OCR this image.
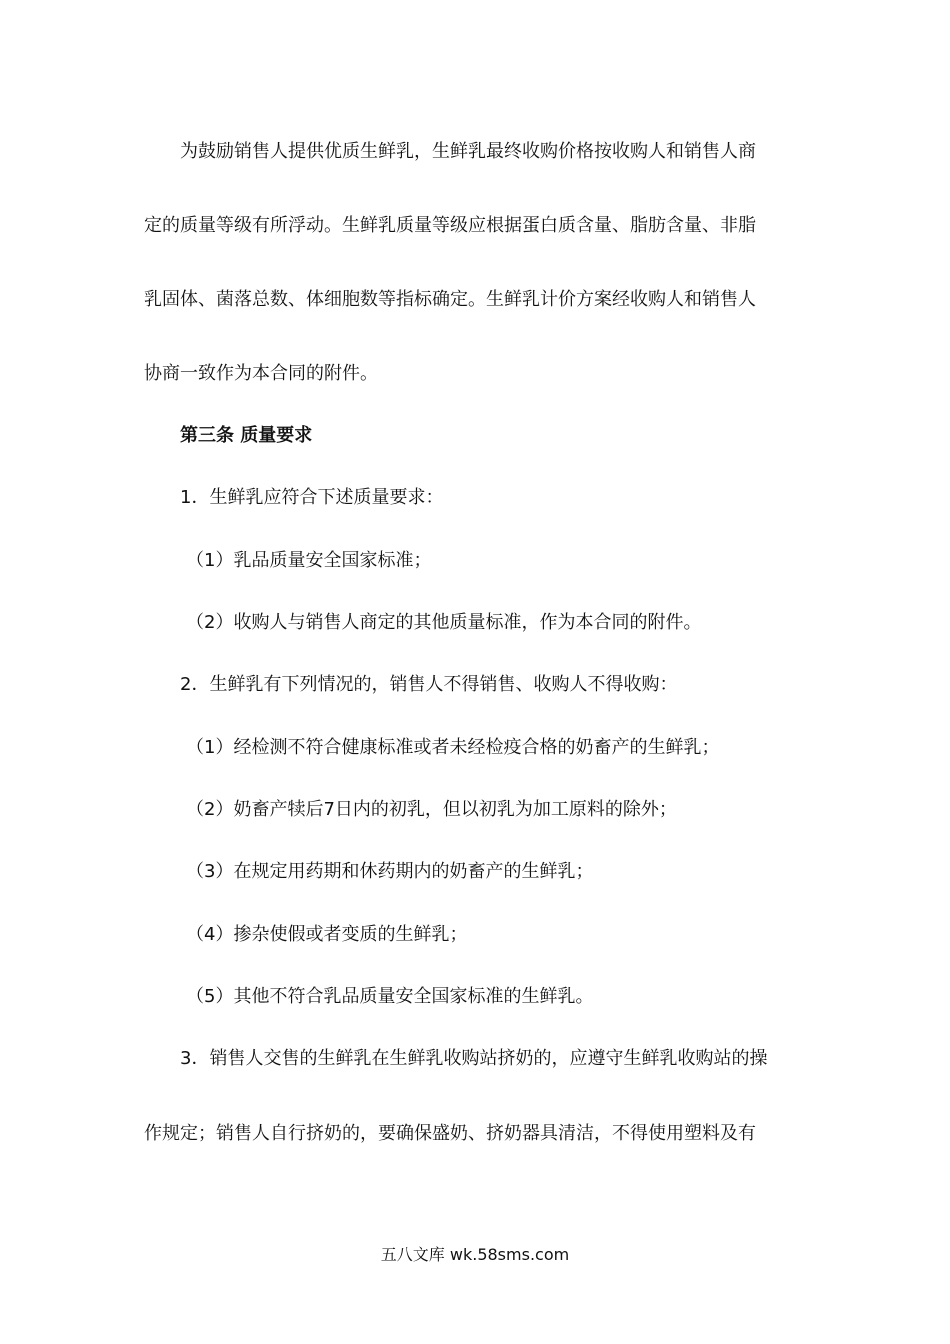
为鼓励销售人提供优质生鲜乳，生鲜乳最终收购价格按收购人和销售人商
定的质量等级有所浮动。生鲜乳质量等级应根据蛋白质含量、脂肪含量、非脂
乳固体、菌落总数、体细胞数等指标确定。生鲜乳计价方案经收购人和销售人
协商一致作为本合同的附件。
第三条 质量要求
1．生鲜乳应符合下述质量要求：
（1）乳品质量安全国家标准；
（2）收购人与销售人商定的其他质量标准，作为本合同的附件。
2．生鲜乳有下列情况的，销售人不得销售、收购人不得收购：
（1）经检测不符合健康标准或者未经检疫合格的奶畜产的生鲜乳；
（2）奶畜产犊后7日内的初乳，但以初乳为加工原料的除外；
（3）在规定用药期和休药期内的奶畜产的生鲜乳；
（4）掺杂使假或者变质的生鲜乳；
（5）其他不符合乳品质量安全国家标准的生鲜乳。
3．销售人交售的生鲜乳在生鲜乳收购站挤奶的，应遵守生鲜乳收购站的操
作规定；销售人自行挤奶的，要确保盛奶、挤奶器具清洁，不得使用塑料及有
五八文库 wk.58sms.com
